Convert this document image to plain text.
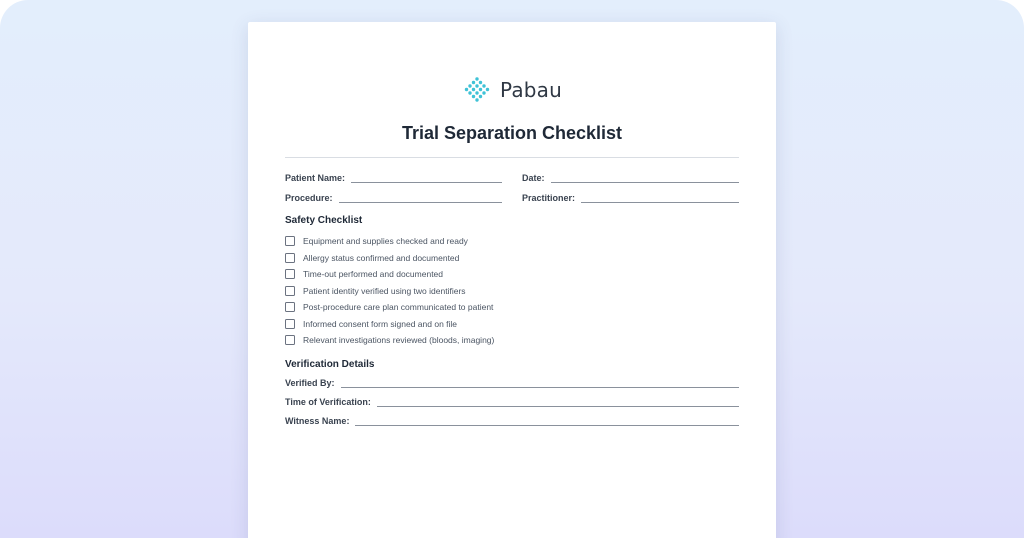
Pabau
Trial Separation Checklist
Patient Name:	Date:
Procedure:	Practitioner:
Safety Checklist
Equipment and supplies checked and ready
Allergy status confirmed and documented
Time-out performed and documented
Patient identity verified using two identifiers
Post-procedure care plan communicated to patient
Informed consent form signed and on file
Relevant investigations reviewed (bloods, imaging)
Verification Details
Verified By:
Time of Verification:
Witness Name:
